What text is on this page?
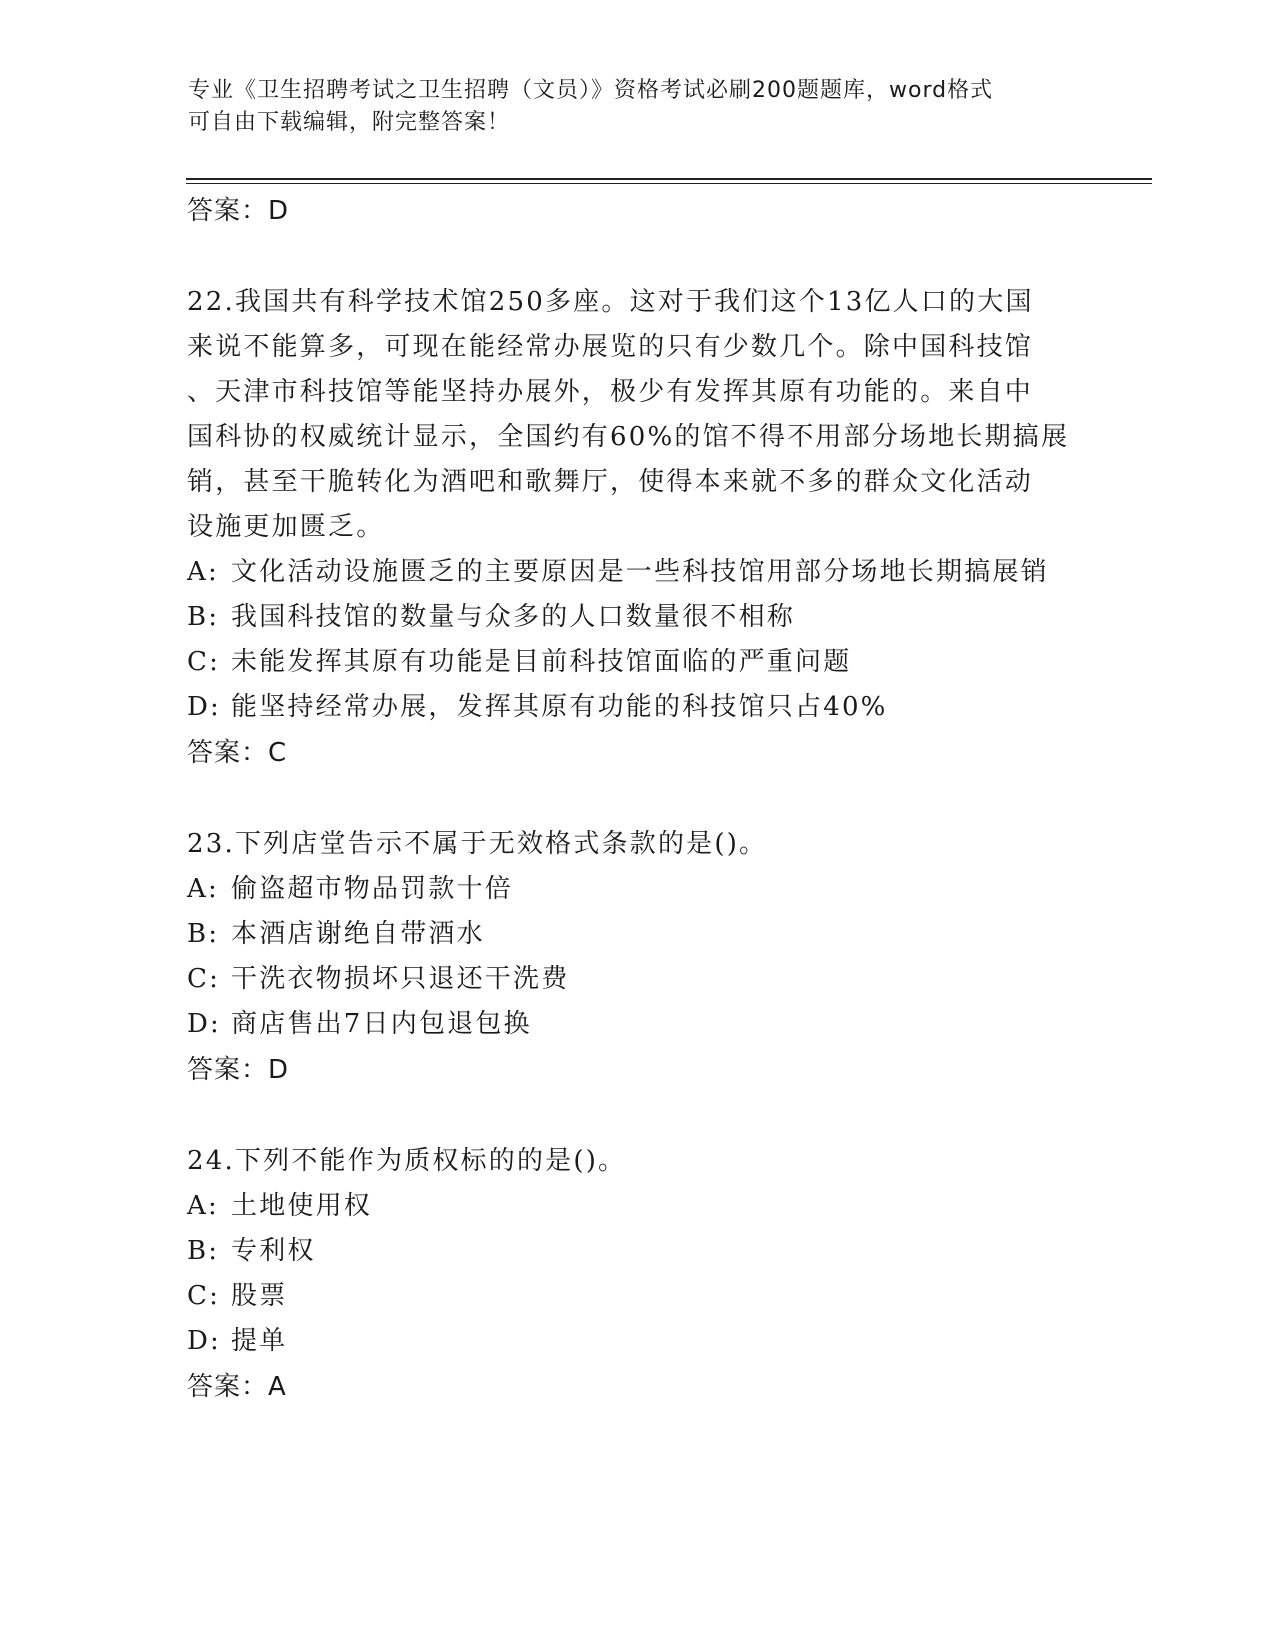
专业《卫生招聘考试之卫生招聘（文员）》资格考试必刷200题题库，word格式
可自由下载编辑，附完整答案！
答案：D

22.我国共有科学技术馆250多座。这对于我们这个13亿人口的大国

来说不能算多，可现在能经常办展览的只有少数几个。除中国科技馆

、天津市科技馆等能坚持办展外，极少有发挥其原有功能的。来自中

国科协的权威统计显示，全国约有60%的馆不得不用部分场地长期搞展

销，甚至干脆转化为酒吧和歌舞厅，使得本来就不多的群众文化活动

设施更加匮乏。

A: 文化活动设施匮乏的主要原因是一些科技馆用部分场地长期搞展销
B: 我国科技馆的数量与众多的人口数量很不相称
C: 未能发挥其原有功能是目前科技馆面临的严重问题
D: 能坚持经常办展，发挥其原有功能的科技馆只占40%
答案：C

23.下列店堂告示不属于无效格式条款的是()。

A: 偷盗超市物品罚款十倍
B: 本酒店谢绝自带酒水
C: 干洗衣物损坏只退还干洗费
D: 商店售出7日内包退包换
答案：D

24.下列不能作为质权标的的是()。

A: 土地使用权
B: 专利权
C: 股票
D: 提单
答案：A
